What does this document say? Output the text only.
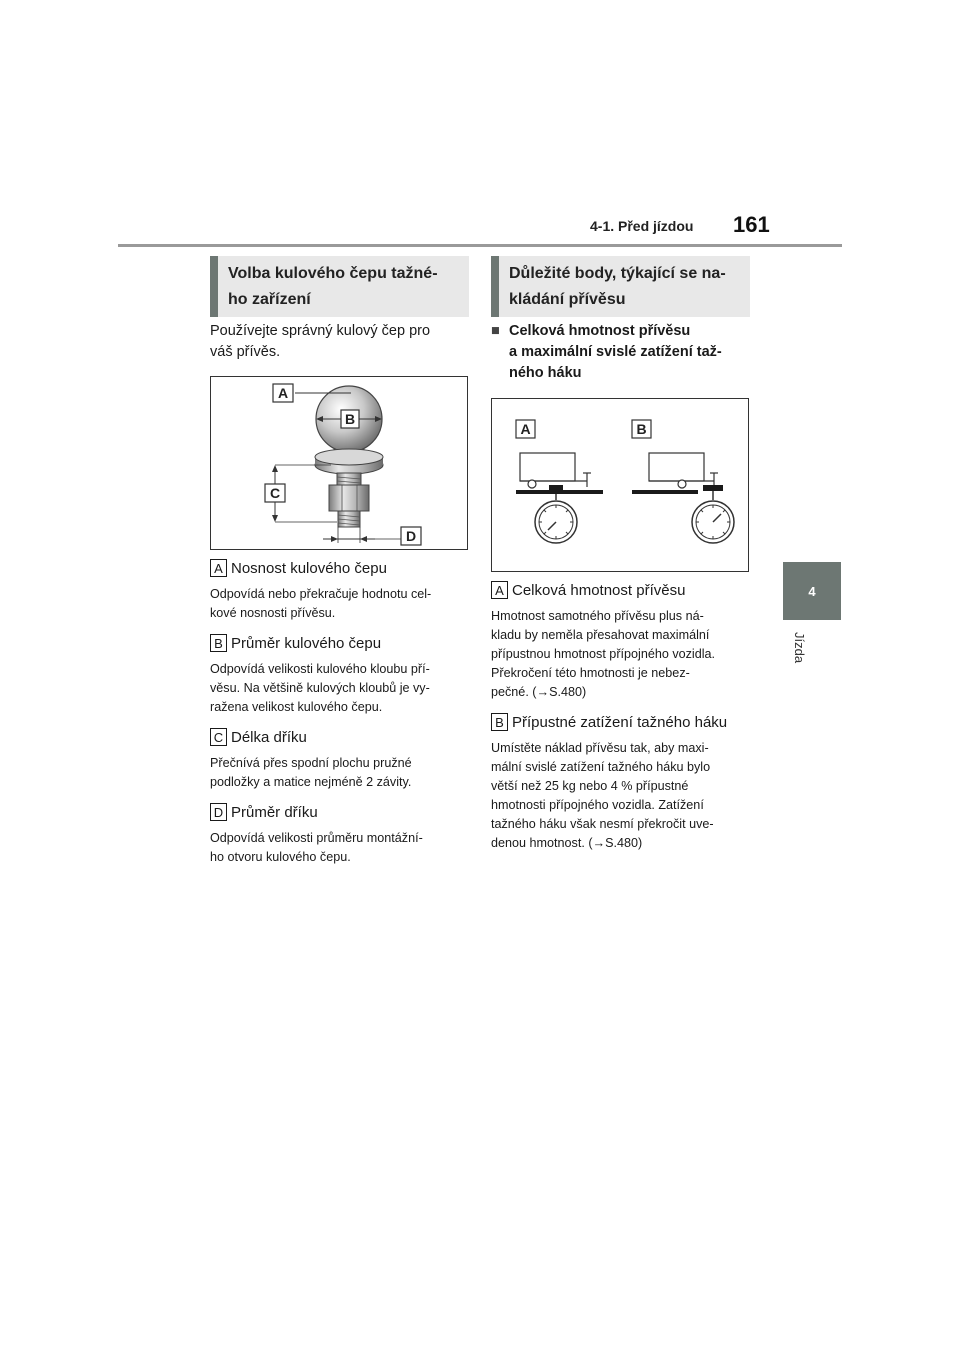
4-1. Před jízdou 161
4
Jízda
Volba kulového čepu tažné-
ho zařízení
Používejte správný kulový čep pro
váš přívěs.
A
B
C
D
A Nosnost kulového čepu
Odpovídá nebo překračuje hodnotu cel-
kové nosnosti přívěsu.
B Průměr kulového čepu
Odpovídá velikosti kulového kloubu pří-
věsu. Na většině kulových kloubů je vy-
ražena velikost kulového čepu.
C Délka dříku
Přečnívá přes spodní plochu pružné
podložky a matice nejméně 2 závity.
D Průměr dříku
Odpovídá velikosti průměru montážní-
ho otvoru kulového čepu.
Důležité body, týkající se na-
kládání přívěsu
■ Celková hmotnost přívěsu
a maximální svislé zatížení taž-
ného háku
A	B
A Celková hmotnost přívěsu
Hmotnost samotného přívěsu plus ná-
kladu by neměla přesahovat maximální
přípustnou hmotnost přípojného vozidla.
Překročení této hmotnosti je nebez-
pečné. (→S.480)
B Přípustné zatížení tažného háku
Umístěte náklad přívěsu tak, aby maxi-
mální svislé zatížení tažného háku bylo
větší než 25 kg nebo 4 % přípustné
hmotnosti přípojného vozidla. Zatížení
tažného háku však nesmí překročit uve-
denou hmotnost. (→S.480)
